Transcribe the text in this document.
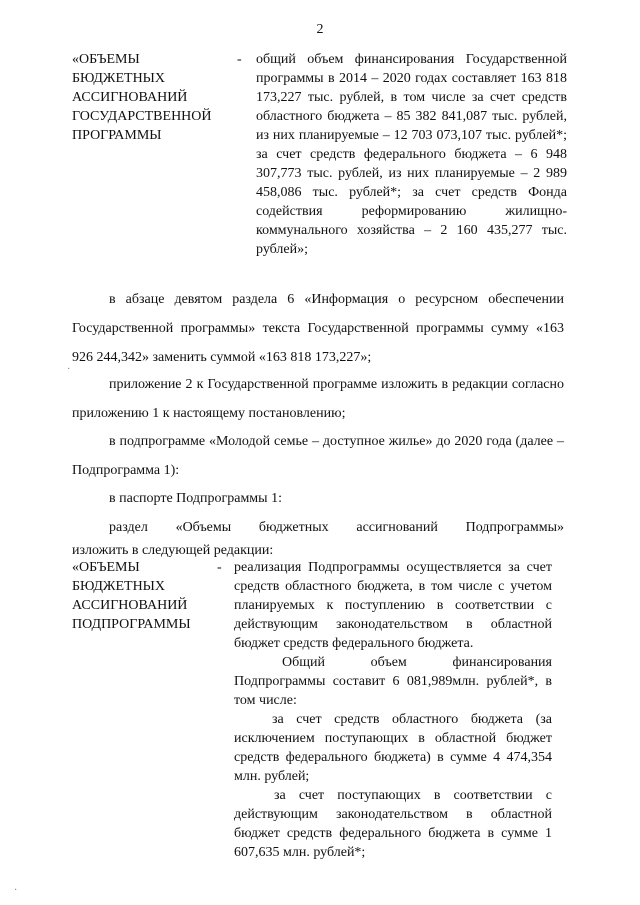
2
«ОБЪЕМЫ БЮДЖЕТНЫХ АССИГНОВАНИЙ ГОСУДАРСТВЕННОЙ ПРОГРАММЫ
- общий объем финансирования Государственной программы в 2014 – 2020 годах составляет 163 818 173,227 тыс. рублей, в том числе за счет средств областного бюджета – 85 382 841,087 тыс. рублей, из них планируемые – 12 703 073,107 тыс. рублей*; за счет средств федерального бюджета – 6 948 307,773 тыс. рублей, из них планируемые – 2 989 458,086 тыс. рублей*; за счет средств Фонда содействия реформированию жилищно-коммунального хозяйства – 2 160 435,277 тыс. рублей»;
в абзаце девятом раздела 6 «Информация о ресурсном обеспечении Государственной программы» текста Государственной программы сумму «163 926 244,342» заменить суммой «163 818 173,227»;
приложение 2 к Государственной программе изложить в редакции согласно приложению 1 к настоящему постановлению;
в подпрограмме «Молодой семье – доступное жилье» до 2020 года (далее – Подпрограмма 1):
в паспорте Подпрограммы 1:
раздел «Объемы бюджетных ассигнований Подпрограммы»
изложить в следующей редакции:
«ОБЪЕМЫ БЮДЖЕТНЫХ АССИГНОВАНИЙ ПОДПРОГРАММЫ
- реализация Подпрограммы осуществляется за счет средств областного бюджета, в том числе с учетом планируемых к поступлению в соответствии с действующим законодательством в областной бюджет средств федерального бюджета.
Общий объем финансирования Подпрограммы составит 6 081,989млн. рублей*, в том числе:
за счет средств областного бюджета (за исключением поступающих в областной бюджет средств федерального бюджета) в сумме 4 474,354 млн. рублей;
за счет поступающих в соответствии с действующим законодательством в областной бюджет средств федерального бюджета в сумме 1 607,635 млн. рублей*;
·
·
